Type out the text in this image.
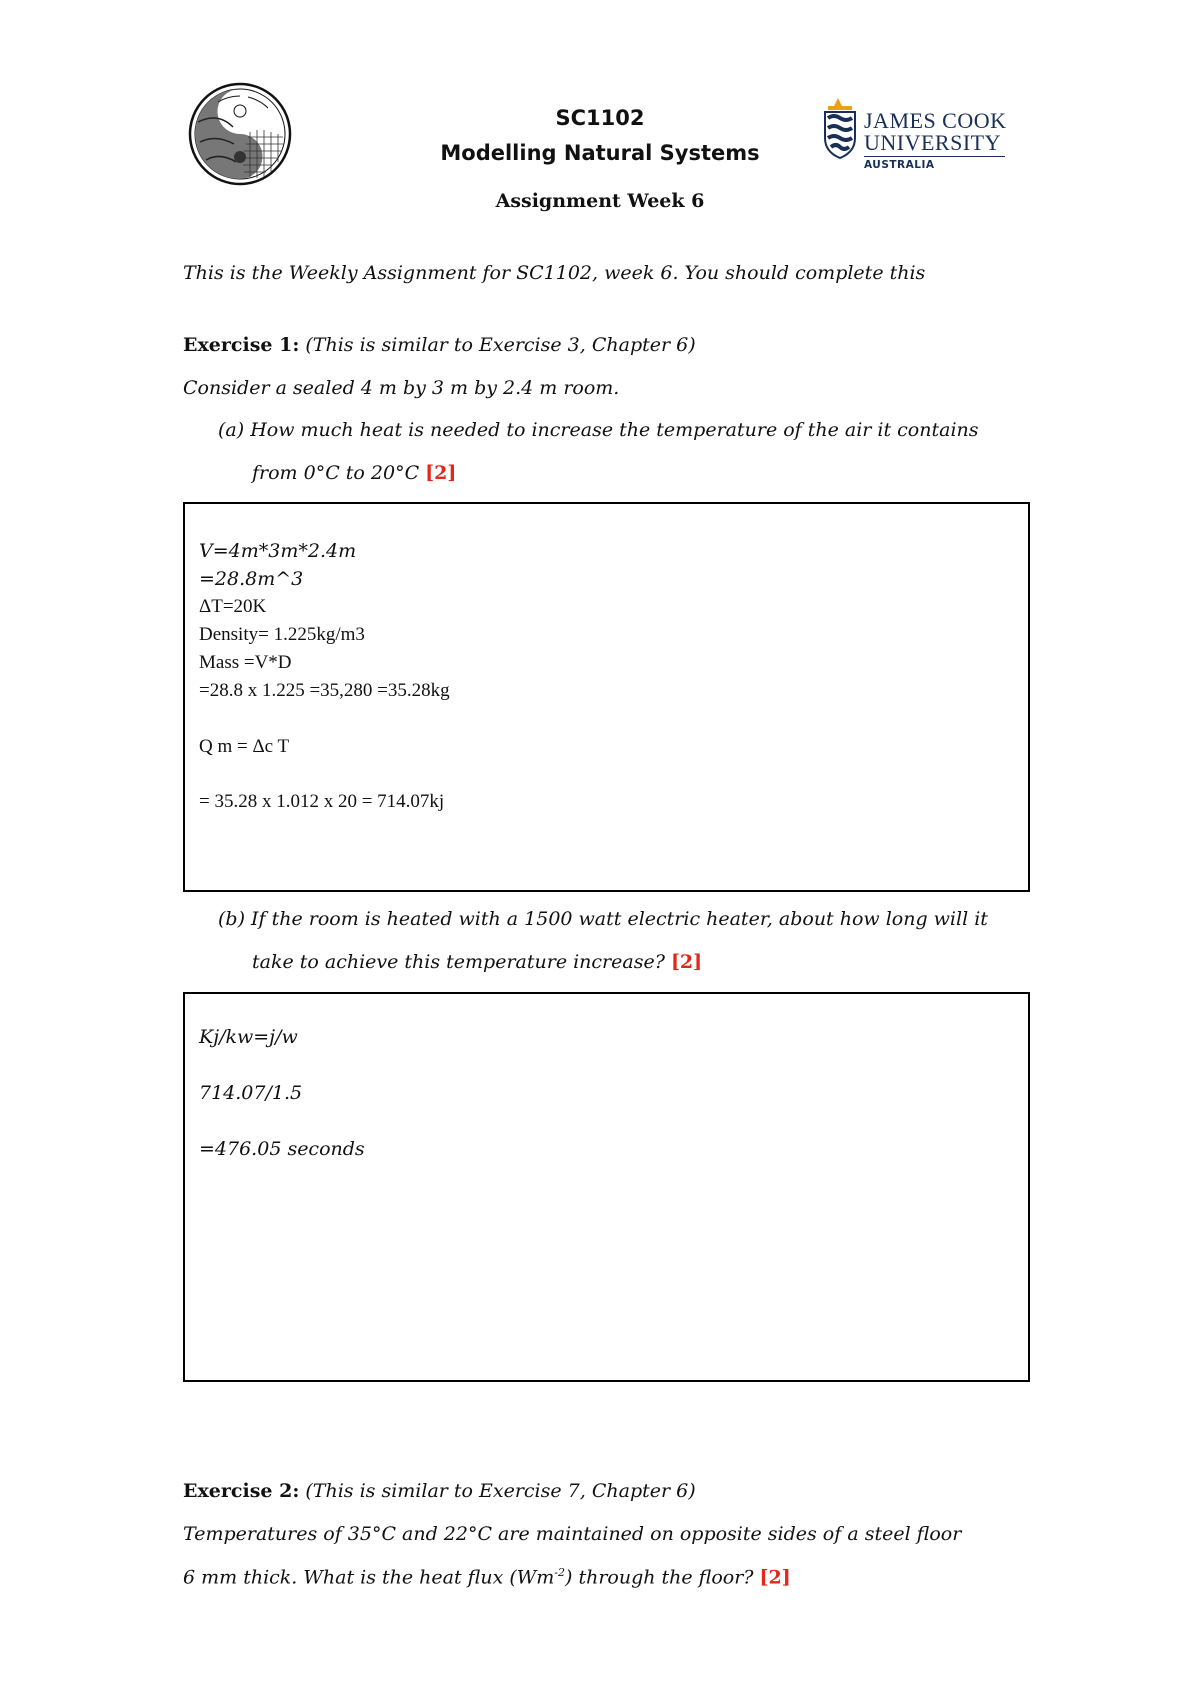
SC1102
Modelling Natural Systems
Assignment Week 6
JAMES COOK
UNIVERSITY
AUSTRALIA
This is the Weekly Assignment for SC1102, week 6. You should complete this
Exercise 1: (This is similar to Exercise 3, Chapter 6)
Consider a sealed 4 m by 3 m by 2.4 m room.
(a) How much heat is needed to increase the temperature of the air it contains
from 0°C to 20°C [2]
V=4m*3m*2.4m
=28.8m^3
ΔT=20K
Density= 1.225kg/m3
Mass =V*D
=28.8 x 1.225 =35,280 =35.28kg
Q m = Δc T
= 35.28 x 1.012 x 20 = 714.07kj
(b) If the room is heated with a 1500 watt electric heater, about how long will it
take to achieve this temperature increase? [2]
Kj/kw=j/w
714.07/1.5
=476.05 seconds
Exercise 2: (This is similar to Exercise 7, Chapter 6)
Temperatures of 35°C and 22°C are maintained on opposite sides of a steel floor
6 mm thick. What is the heat flux $(Wm^{-2})$ through the floor? [2]
